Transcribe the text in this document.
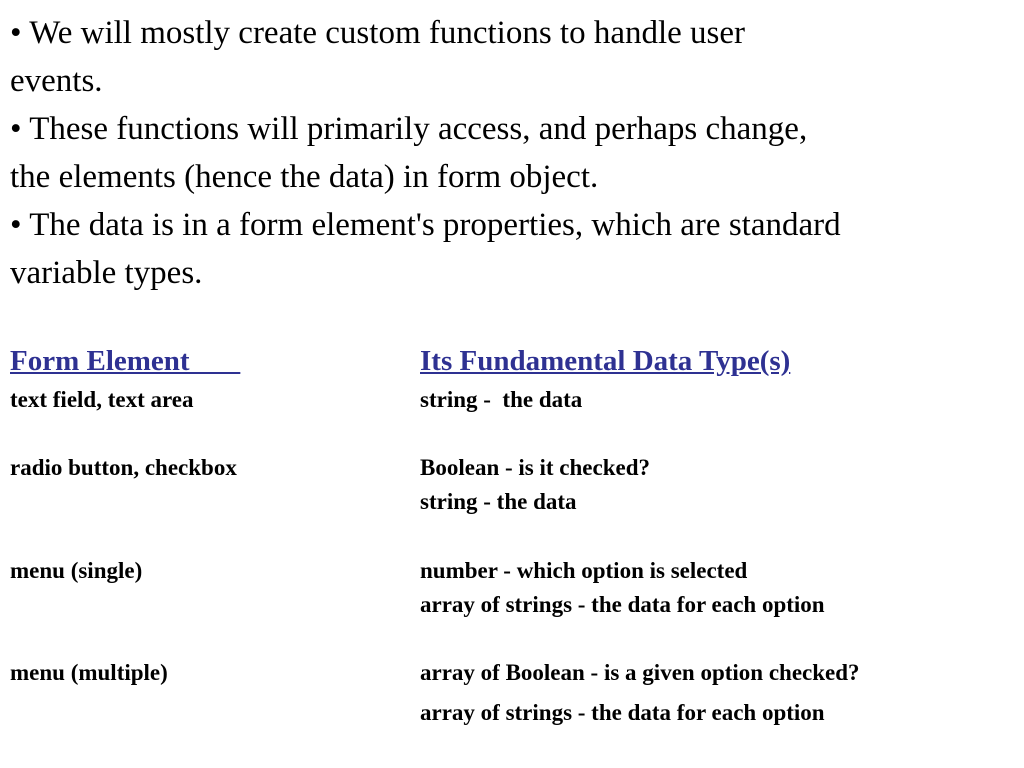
• We will mostly create custom functions to handle user
events.
• These functions will primarily access, and perhaps change,
the elements (hence the data) in form object.
• The data is in a form element's properties, which are standard
variable types.
Form Element	Its Fundamental Data Type(s)
text field, text area	string -  the data
radio button, checkbox	Boolean - is it checked?
string - the data
menu (single)	number - which option is selected
array of strings - the data for each option
menu (multiple)	array of Boolean - is a given option checked?
array of strings - the data for each option
